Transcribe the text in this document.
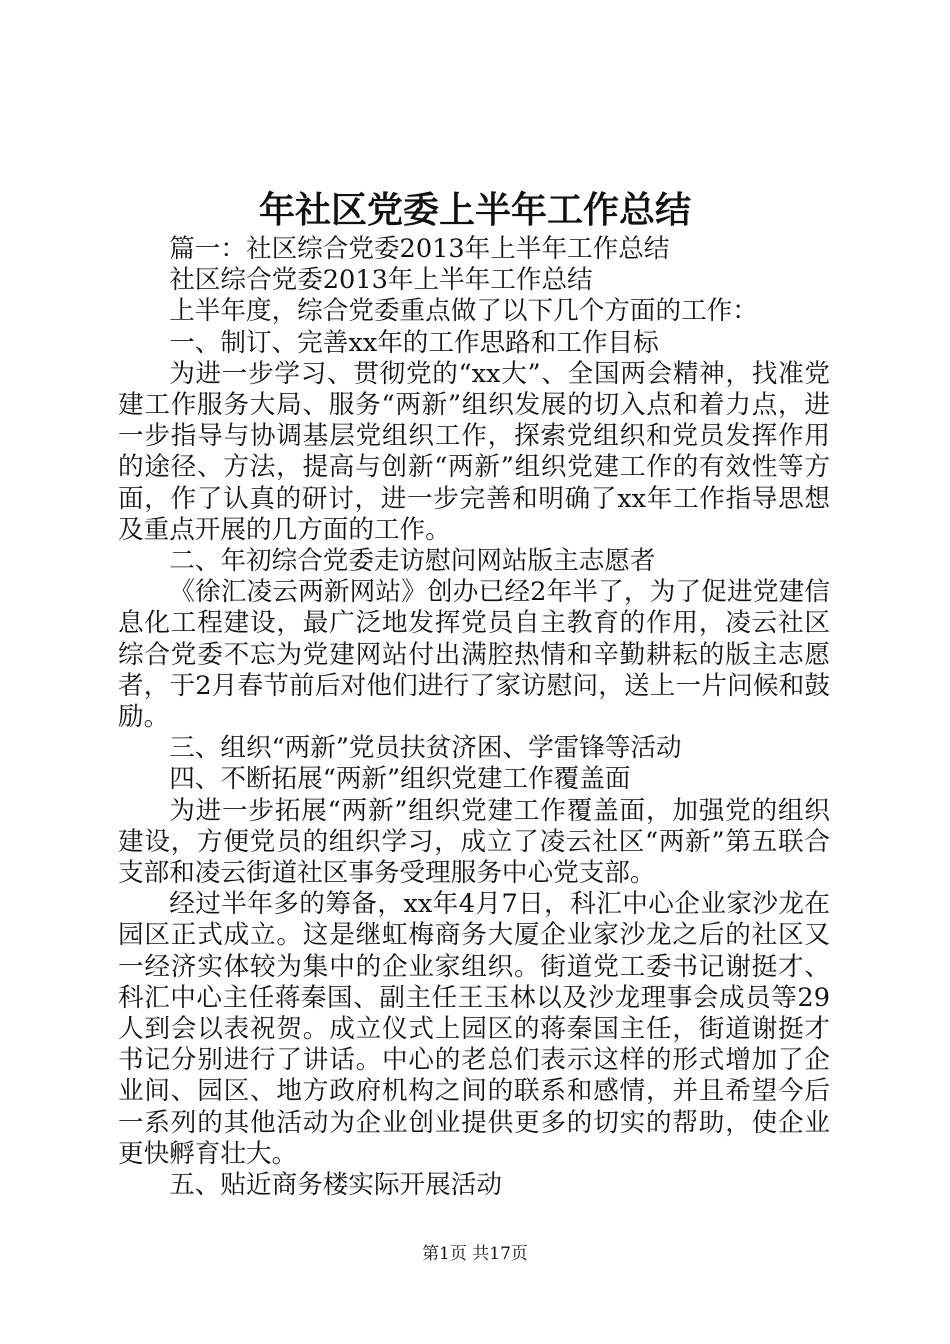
年社区党委上半年工作总结

篇一：社区综合党委2013年上半年工作总结

社区综合党委2013年上半年工作总结

上半年度，综合党委重点做了以下几个方面的工作：

一、制订、完善xx年的工作思路和工作目标

为进一步学习、贯彻党的“xx大”、全国两会精神，找准党建工作服务大局、服务“两新”组织发展的切入点和着力点，进一步指导与协调基层党组织工作，探索党组织和党员发挥作用的途径、方法，提高与创新“两新”组织党建工作的有效性等方面，作了认真的研讨，进一步完善和明确了xx年工作指导思想及重点开展的几方面的工作。

二、年初综合党委走访慰问网站版主志愿者

《徐汇凌云两新网站》创办已经2年半了，为了促进党建信息化工程建设，最广泛地发挥党员自主教育的作用，凌云社区综合党委不忘为党建网站付出满腔热情和辛勤耕耘的版主志愿者，于2月春节前后对他们进行了家访慰问，送上一片问候和鼓励。

三、组织“两新”党员扶贫济困、学雷锋等活动

四、不断拓展“两新”组织党建工作覆盖面

为进一步拓展“两新”组织党建工作覆盖面，加强党的组织建设，方便党员的组织学习，成立了凌云社区“两新”第五联合支部和凌云街道社区事务受理服务中心党支部。

经过半年多的筹备，xx年4月7日，科汇中心企业家沙龙在园区正式成立。这是继虹梅商务大厦企业家沙龙之后的社区又一经济实体较为集中的企业家组织。街道党工委书记谢挺才、科汇中心主任蒋秦国、副主任王玉林以及沙龙理事会成员等29人到会以表祝贺。成立仪式上园区的蒋秦国主任，街道谢挺才书记分别进行了讲话。中心的老总们表示这样的形式增加了企业间、园区、地方政府机构之间的联系和感情，并且希望今后一系列的其他活动为企业创业提供更多的切实的帮助，使企业更快孵育壮大。

五、贴近商务楼实际开展活动

第1页 共17页
